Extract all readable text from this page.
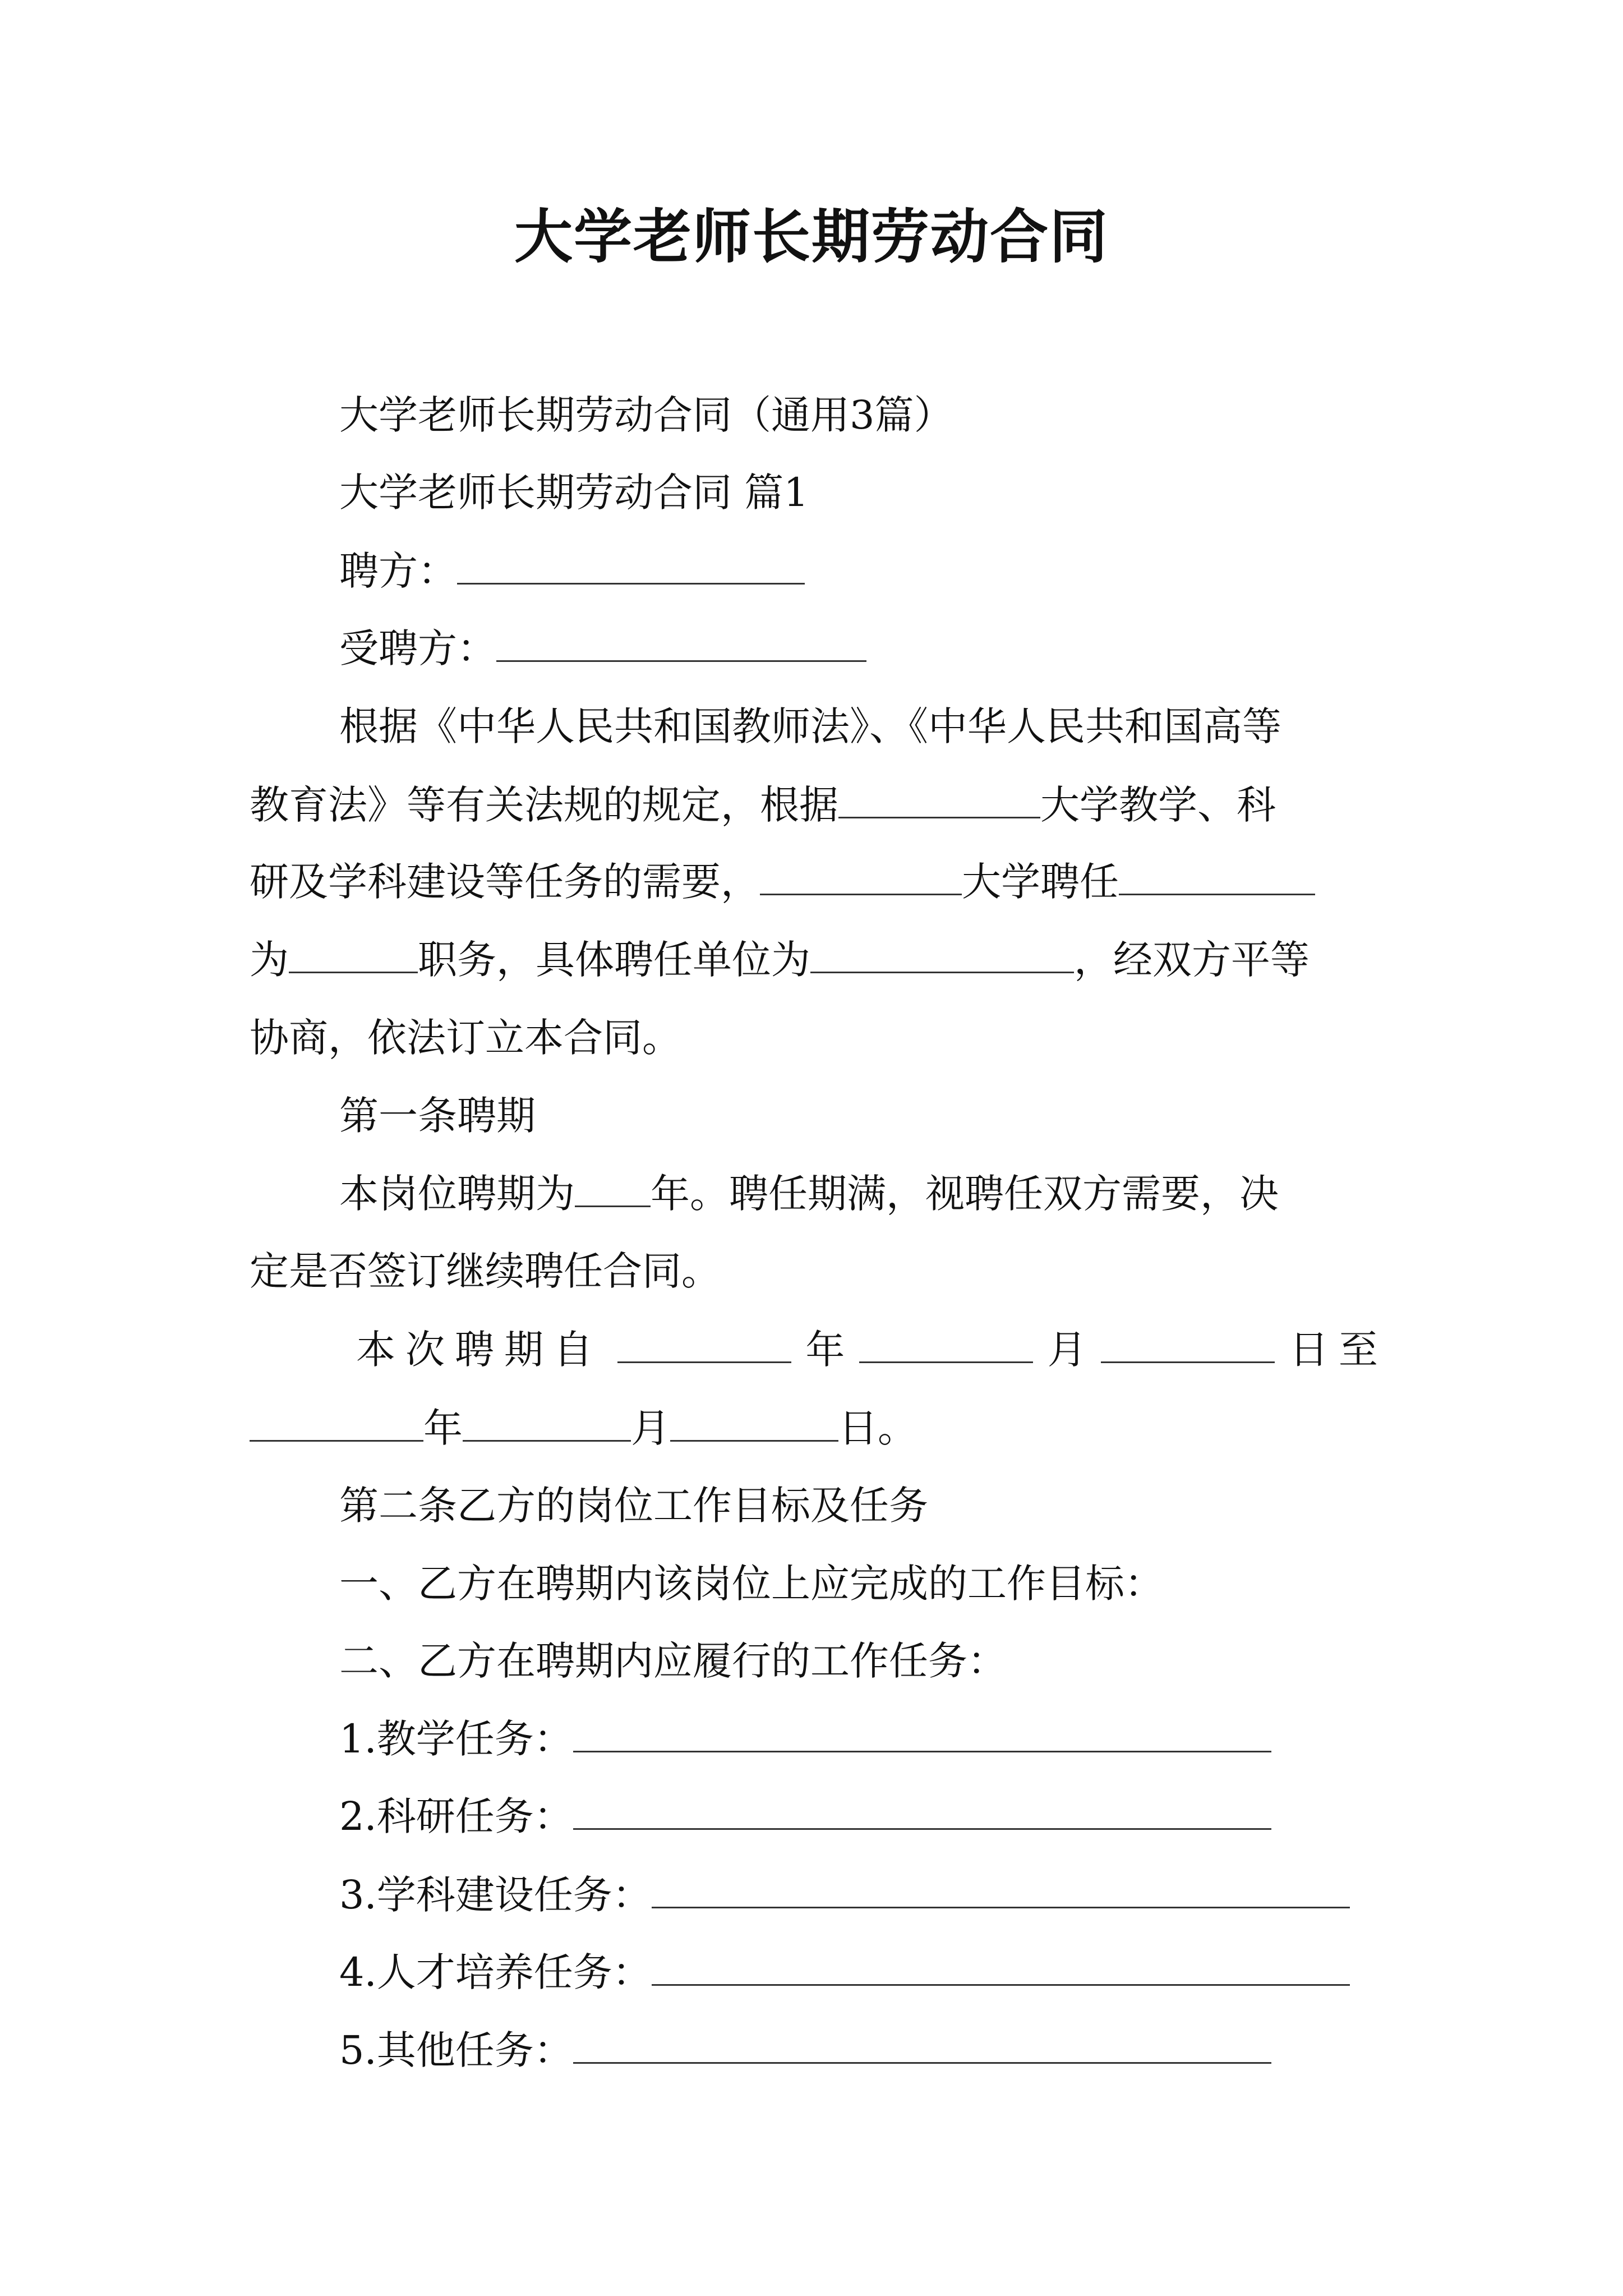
大学老师长期劳动合同
大学老师长期劳动合同（通用3篇）
大学老师长期劳动合同 篇1
聘方：
受聘方：
根据《中华人民共和国教师法》、《中华人民共和国高等
教育法》等有关法规的规定，根据	大学教学、科
研及学科建设等任务的需要，	大学聘任
为	职务，具体聘任单位为	，经双方平等
协商，依法订立本合同。
第一条聘期
本岗位聘期为 年。聘任期满，视聘任双方需要，决
定是否签订继续聘任合同。
本次聘期自	年	月	日至
年	月	日。
第二条乙方的岗位工作目标及任务
一、乙方在聘期内该岗位上应完成的工作目标：
二、乙方在聘期内应履行的工作任务：
1.教学任务：
2.科研任务：
3.学科建设任务：
4.人才培养任务：
5.其他任务：
